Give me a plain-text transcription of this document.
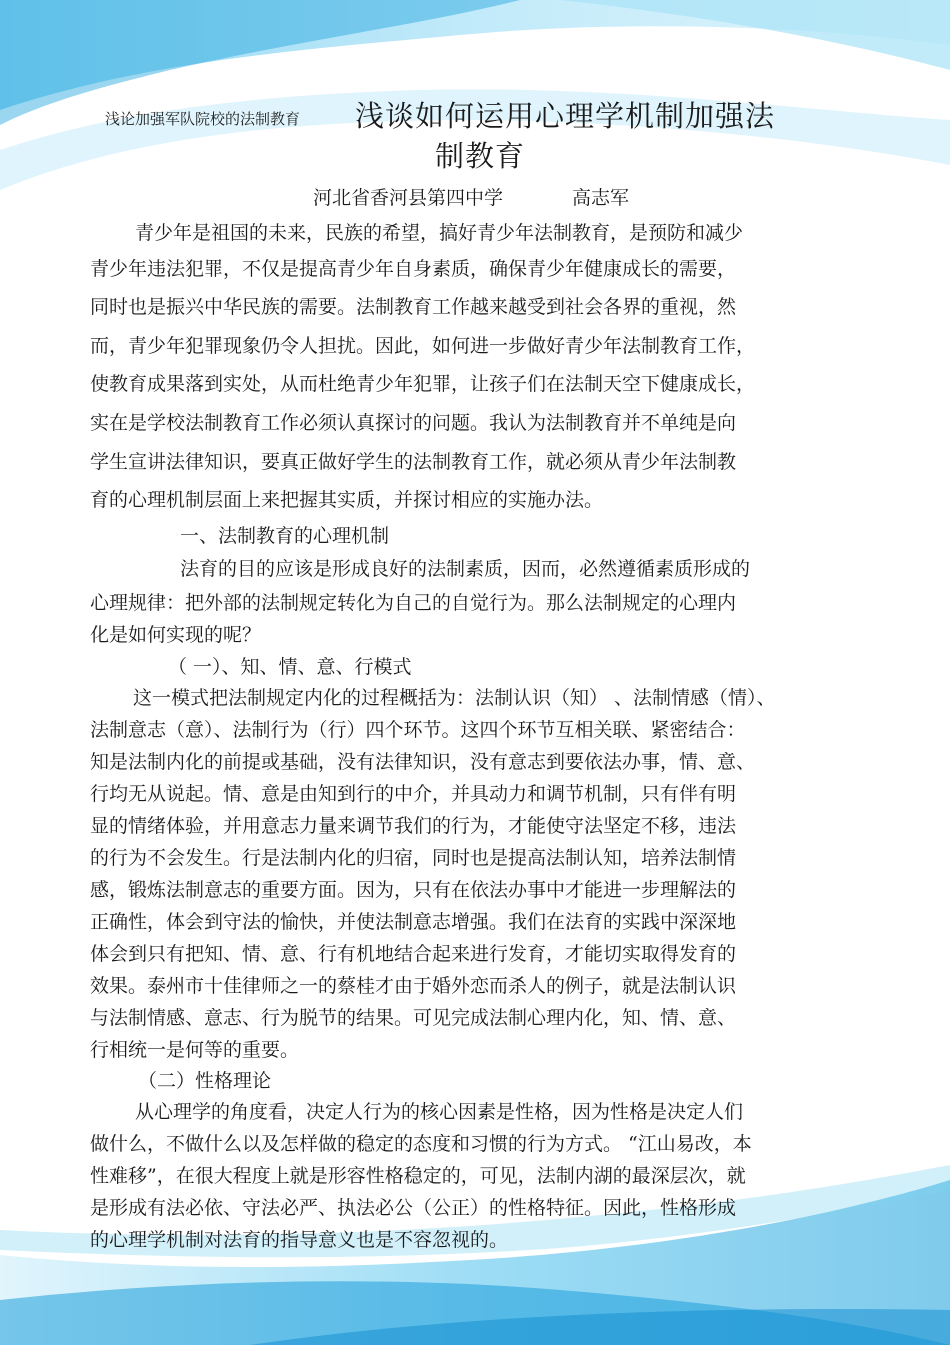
浅论加强军队院校的法制教育 浅谈如何运用心理学机制加强法
制教育
河北省香河县第四中学	高志军
青少年是祖国的未来，民族的希望，搞好青少年法制教育，是预防和减少
青少年违法犯罪，不仅是提高青少年自身素质，确保青少年健康成长的需要，
同时也是振兴中华民族的需要。法制教育工作越来越受到社会各界的重视，然
而，青少年犯罪现象仍令人担扰。因此，如何进一步做好青少年法制教育工作，
使教育成果落到实处，从而杜绝青少年犯罪，让孩子们在法制天空下健康成长，
实在是学校法制教育工作必须认真探讨的问题。我认为法制教育并不单纯是向
学生宣讲法律知识，要真正做好学生的法制教育工作，就必须从青少年法制教
育的心理机制层面上来把握其实质，并探讨相应的实施办法。
一、法制教育的心理机制
法育的目的应该是形成良好的法制素质，因而，必然遵循素质形成的
心理规律：把外部的法制规定转化为自己的自觉行为。那么法制规定的心理内
化是如何实现的呢？
（ 一）、知、情、意、行模式
这一模式把法制规定内化的过程概括为：法制认识（知） 、法制情感（情）、
法制意志（意）、法制行为（行）四个环节。这四个环节互相关联、紧密结合：
知是法制内化的前提或基础，没有法律知识，没有意志到要依法办事，情、意、
行均无从说起。情、意是由知到行的中介，并具动力和调节机制，只有伴有明
显的情绪体验，并用意志力量来调节我们的行为，才能使守法坚定不移，违法
的行为不会发生。行是法制内化的归宿，同时也是提高法制认知，培养法制情
感，锻炼法制意志的重要方面。因为，只有在依法办事中才能进一步理解法的
正确性，体会到守法的愉快，并使法制意志增强。我们在法育的实践中深深地
体会到只有把知、情、意、行有机地结合起来进行发育，才能切实取得发育的
效果。泰州市十佳律师之一的蔡桂才由于婚外恋而杀人的例子，就是法制认识
与法制情感、意志、行为脱节的结果。可见完成法制心理内化，知、情、意、
行相统一是何等的重要。
（二）性格理论
从心理学的角度看，决定人行为的核心因素是性格，因为性格是决定人们
做什么，不做什么以及怎样做的稳定的态度和习惯的行为方式。 “江山易改，本
性难移”，在很大程度上就是形容性格稳定的，可见，法制内湖的最深层次，就
是形成有法必依、守法必严、执法必公（公正）的性格特征。因此，性格形成
的心理学机制对法育的指导意义也是不容忽视的。
